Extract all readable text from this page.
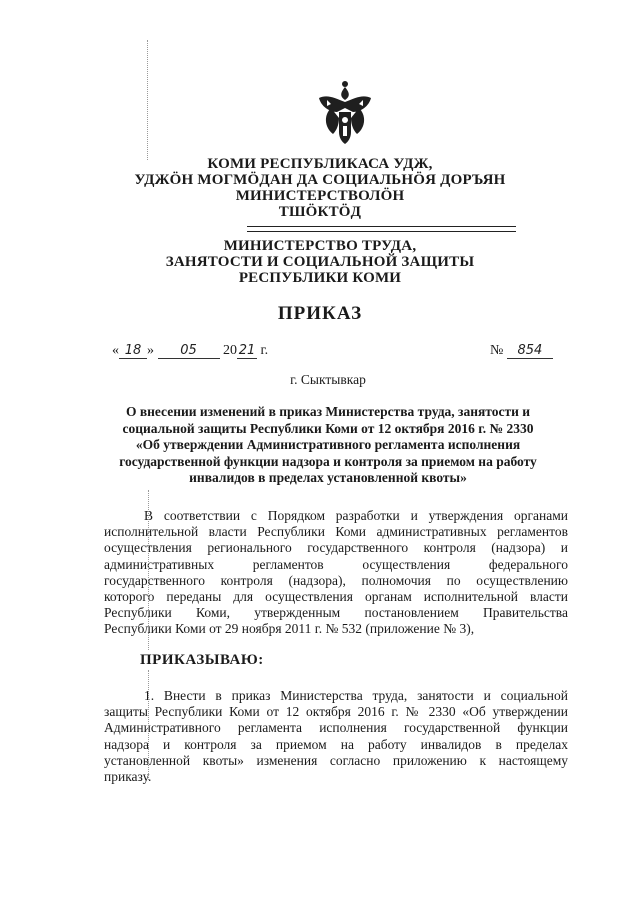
КОМИ РЕСПУБЛИКАСА УДЖ,
УДЖӦН МОГМӦДАН ДА СОЦИАЛЬНӦЯ ДОРЪЯН
МИНИСТЕРСТВОЛӦН
ТШӦКТӦД
МИНИСТЕРСТВО ТРУДА,
ЗАНЯТОСТИ И СОЦИАЛЬНОЙ ЗАЩИТЫ
РЕСПУБЛИКИ КОМИ
ПРИКАЗ
« 18 » 05 20 21 г.	№ 854
г. Сыктывкар
О внесении изменений в приказ Министерства труда, занятости и
социальной защиты Республики Коми от 12 октября 2016 г. № 2330
«Об утверждении Административного регламента исполнения
государственной функции надзора и контроля за приемом на работу
инвалидов в пределах установленной квоты»
В соответствии с Порядком разработки и утверждения органами
исполнительной власти Республики Коми административных регламентов
осуществления регионального государственного контроля (надзора) и
административных регламентов осуществления федерального
государственного контроля (надзора), полномочия по осуществлению
которого переданы для осуществления органам исполнительной власти
Республики Коми, утвержденным постановлением Правительства
Республики Коми от 29 ноября 2011 г. № 532 (приложение № 3),
ПРИКАЗЫВАЮ:
1. Внести в приказ Министерства труда, занятости и социальной
защиты Республики Коми от 12 октября 2016 г. № 2330 «Об утверждении
Административного регламента исполнения государственной функции
надзора и контроля за приемом на работу инвалидов в пределах
установленной квоты» изменения согласно приложению к настоящему
приказу.
